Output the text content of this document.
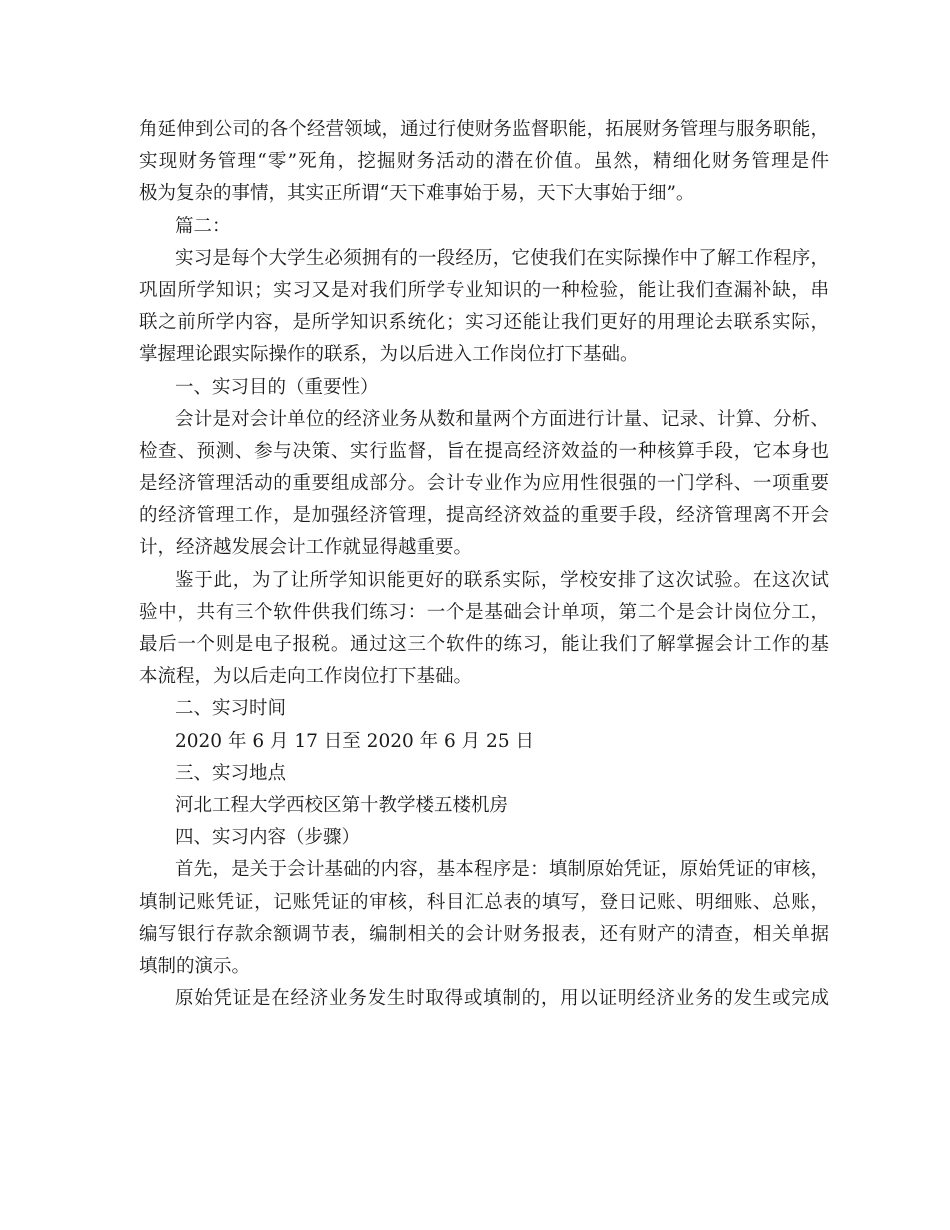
角延伸到公司的各个经营领域，通过行使财务监督职能，拓展财务管理与服务职能，
实现财务管理“零”死角，挖掘财务活动的潜在价值。虽然，精细化财务管理是件
极为复杂的事情，其实正所谓“天下难事始于易，天下大事始于细”。
篇二：
实习是每个大学生必须拥有的一段经历，它使我们在实际操作中了解工作程序，
巩固所学知识；实习又是对我们所学专业知识的一种检验，能让我们查漏补缺，串
联之前所学内容，是所学知识系统化；实习还能让我们更好的用理论去联系实际，
掌握理论跟实际操作的联系，为以后进入工作岗位打下基础。
一、实习目的（重要性）
会计是对会计单位的经济业务从数和量两个方面进行计量、记录、计算、分析、
检查、预测、参与决策、实行监督，旨在提高经济效益的一种核算手段，它本身也
是经济管理活动的重要组成部分。会计专业作为应用性很强的一门学科、一项重要
的经济管理工作，是加强经济管理，提高经济效益的重要手段，经济管理离不开会
计，经济越发展会计工作就显得越重要。
鉴于此，为了让所学知识能更好的联系实际，学校安排了这次试验。在这次试
验中，共有三个软件供我们练习：一个是基础会计单项，第二个是会计岗位分工，
最后一个则是电子报税。通过这三个软件的练习，能让我们了解掌握会计工作的基
本流程，为以后走向工作岗位打下基础。
二、实习时间
2020 年 6 月 17 日至 2020 年 6 月 25 日
三、实习地点
河北工程大学西校区第十教学楼五楼机房
四、实习内容（步骤）
首先，是关于会计基础的内容，基本程序是：填制原始凭证，原始凭证的审核，
填制记账凭证，记账凭证的审核，科目汇总表的填写，登日记账、明细账、总账，
编写银行存款余额调节表，编制相关的会计财务报表，还有财产的清查，相关单据
填制的演示。
原始凭证是在经济业务发生时取得或填制的，用以证明经济业务的发生或完成
